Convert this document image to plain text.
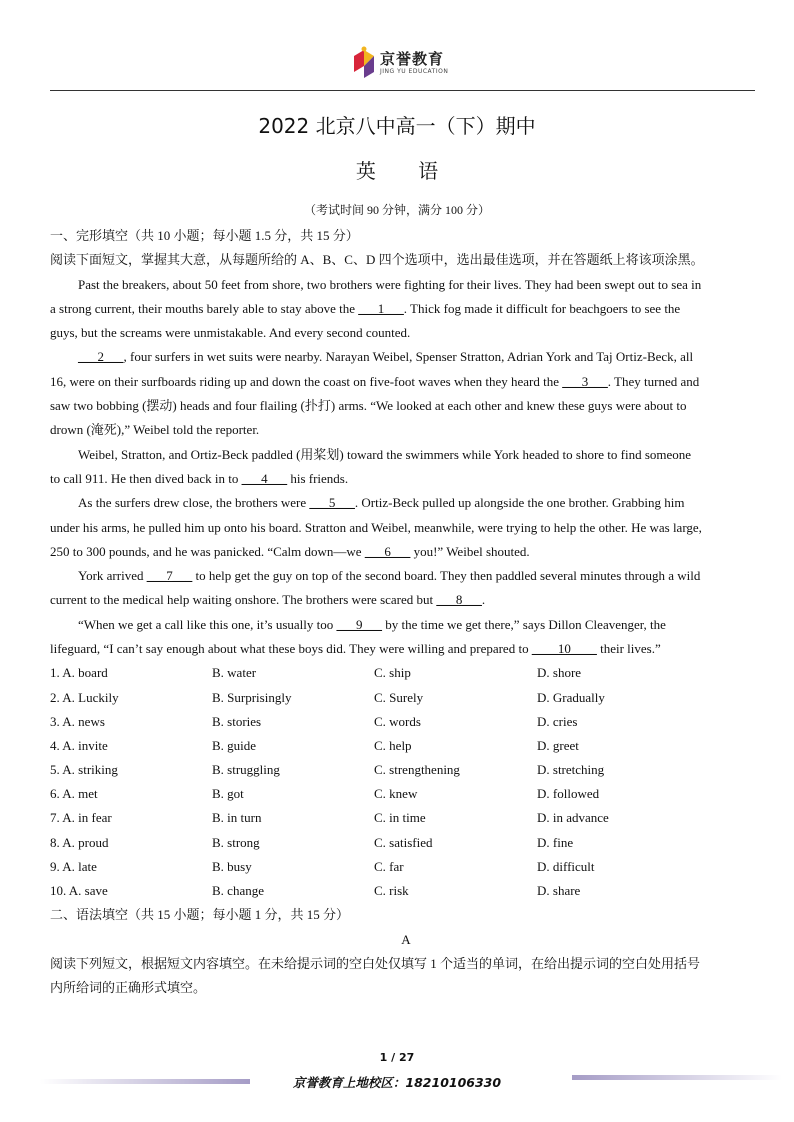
京誉教育
JING YU EDUCATION
2022 北京八中高一（下）期中
英 语
（考试时间 90 分钟，满分 100 分）
一、完形填空（共 10 小题；每小题 1.5 分，共 15 分）
阅读下面短文，掌握其大意，从每题所给的 A、B、C、D 四个选项中，选出最佳选项，并在答题纸上将该项涂黑。
Past the breakers, about 50 feet from shore, two brothers were fighting for their lives. They had been swept out to sea in
a strong current, their mouths barely able to stay above the ___1___. Thick fog made it difficult for beachgoers to see the
guys, but the screams were unmistakable. And every second counted.
___2___, four surfers in wet suits were nearby. Narayan Weibel, Spenser Stratton, Adrian York and Taj Ortiz-Beck, all
16, were on their surfboards riding up and down the coast on five-foot waves when they heard the ___3___. They turned and
saw two bobbing (摆动) heads and four flailing (扑打) arms. “We looked at each other and knew these guys were about to
drown (淹死),” Weibel told the reporter.
Weibel, Stratton, and Ortiz-Beck paddled (用桨划) toward the swimmers while York headed to shore to find someone
to call 911. He then dived back in to ___4___ his friends.
As the surfers drew close, the brothers were ___5___. Ortiz-Beck pulled up alongside the one brother. Grabbing him
under his arms, he pulled him up onto his board. Stratton and Weibel, meanwhile, were trying to help the other. He was large,
250 to 300 pounds, and he was panicked. “Calm down—we ___6___ you!” Weibel shouted.
York arrived ___7___ to help get the guy on top of the second board. They then paddled several minutes through a wild
current to the medical help waiting onshore. The brothers were scared but ___8___.
“When we get a call like this one, it’s usually too ___9___ by the time we get there,” says Dillon Cleavenger, the
lifeguard, “I can’t say enough about what these boys did. They were willing and prepared to ____10____ their lives.”
1. A. board	B. water	C. ship	D. shore
2. A. Luckily	B. Surprisingly	C. Surely	D. Gradually
3. A. news	B. stories	C. words	D. cries
4. A. invite	B. guide	C. help	D. greet
5. A. striking	B. struggling	C. strengthening	D. stretching
6. A. met	B. got	C. knew	D. followed
7. A. in fear	B. in turn	C. in time	D. in advance
8. A. proud	B. strong	C. satisfied	D. fine
9. A. late	B. busy	C. far	D. difficult
10. A. save	B. change	C. risk	D. share
二、语法填空（共 15 小题；每小题 1 分，共 15 分）
A
阅读下列短文，根据短文内容填空。在未给提示词的空白处仅填写 1 个适当的单词，在给出提示词的空白处用括号
内所给词的正确形式填空。
1 / 27
京誉教育上地校区：18210106330
